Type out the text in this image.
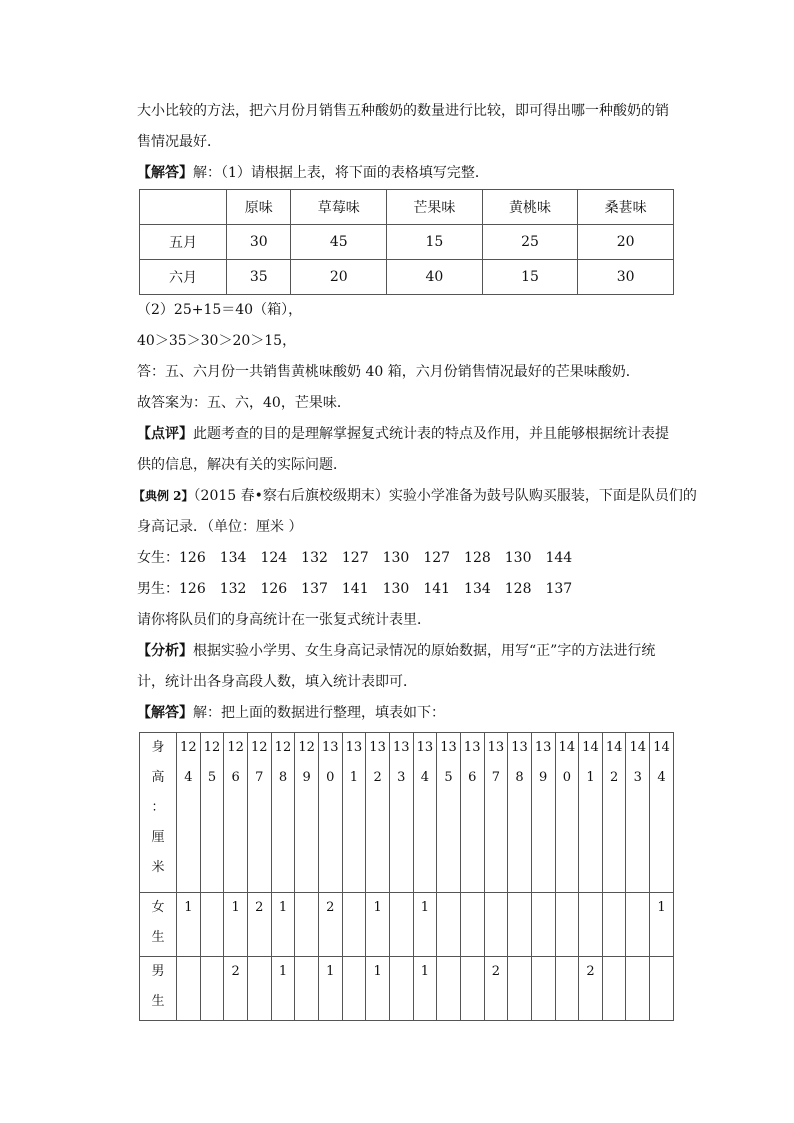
大小比较的方法，把六月份月销售五种酸奶的数量进行比较，即可得出哪一种酸奶的销
售情况最好．
【解答】解：（1）请根据上表，将下面的表格填写完整．
	原味	草莓味	芒果味	黄桃味	桑葚味
五月	30	45	15	25	20
六月	35	20	40	15	30
（2）25+15＝40（箱），
40＞35＞30＞20＞15，
答：五、六月份一共销售黄桃味酸奶 40 箱，六月份销售情况最好的芒果味酸奶．
故答案为：五、六，40，芒果味．
【点评】此题考查的目的是理解掌握复式统计表的特点及作用，并且能够根据统计表提
供的信息，解决有关的实际问题．
【典例 2】（2015 春•察右后旗校级期末）实验小学准备为鼓号队购买服装，下面是队员们的
身高记录．（单位：厘米 ）
女生：126　134　124　132　127　130　127　128　130　144
男生：126　132　126　137　141　130　141　134　128　137
请你将队员们的身高统计在一张复式统计表里．
【分析】根据实验小学男、女生身高记录情况的原始数据，用写“正”字的方法进行统
计，统计出各身高段人数，填入统计表即可．
【解答】解：把上面的数据进行整理，填表如下：
身
高
：
厘
米	12
4	12
5	12
6	12
7	12
8	12
9	13
0	13
1	13
2	13
3	13
4	13
5	13
6	13
7	13
8	13
9	14
0	14
1	14
2	14
3	14
4

女
生	1		1	2	1		2		1		1										1

男
生			2		1		1		1		1			2				2			
